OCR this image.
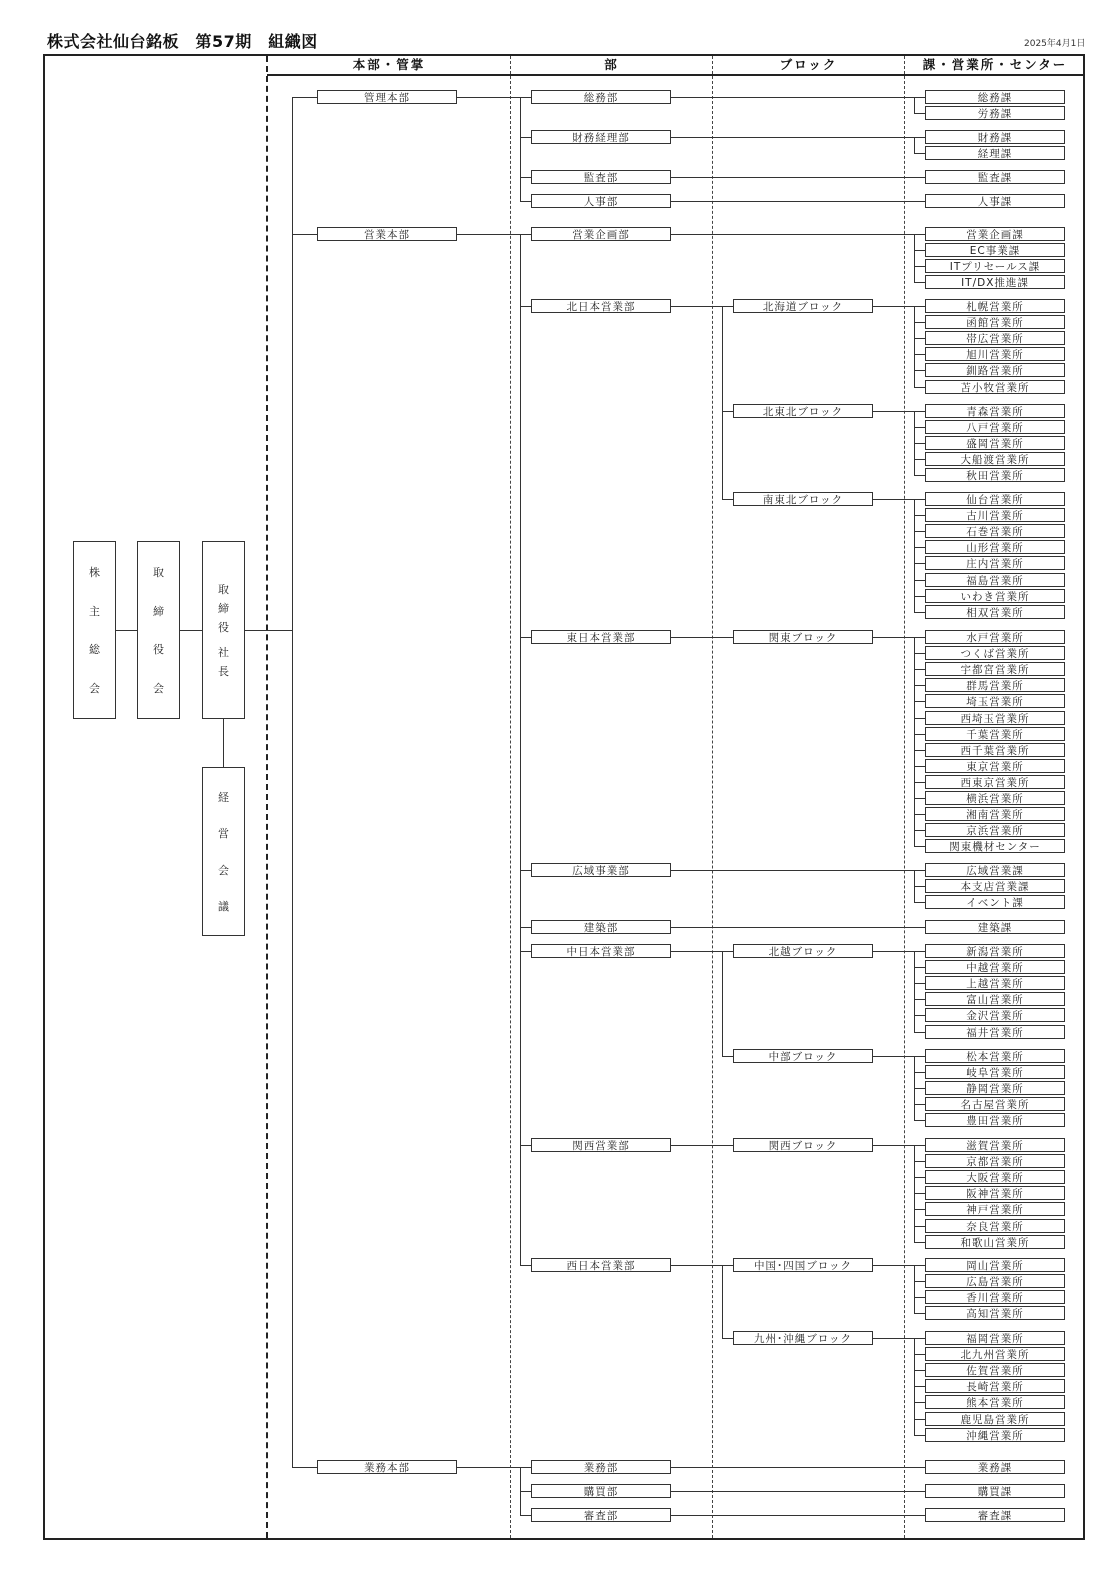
株式会社仙台銘板　第57期　組織図	2025年4月1日
本部・管掌	部	ブロック	課・営業所・センター
株
主
総
会
取
締
役
会
取
締
役
社
長
経
営
会
議
管理本部
営業本部
業務本部
総務部
財務経理部
監査部
人事部
営業企画部
北日本営業部
東日本営業部
広域事業部
建築部
中日本営業部
関西営業部
西日本営業部
業務部
購買部
審査部
北海道ブロック
北東北ブロック
南東北ブロック
関東ブロック
北越ブロック
中部ブロック
関西ブロック
中国･四国ブロック
九州･沖縄ブロック
総務課
労務課
財務課
経理課
監査課
人事課
営業企画課
EC事業課
ITプリセールス課
IT/DX推進課
札幌営業所
函館営業所
帯広営業所
旭川営業所
釧路営業所
苫小牧営業所
青森営業所
八戸営業所
盛岡営業所
大船渡営業所
秋田営業所
仙台営業所
古川営業所
石巻営業所
山形営業所
庄内営業所
福島営業所
いわき営業所
相双営業所
水戸営業所
つくば営業所
宇都宮営業所
群馬営業所
埼玉営業所
西埼玉営業所
千葉営業所
西千葉営業所
東京営業所
西東京営業所
横浜営業所
湘南営業所
京浜営業所
関東機材センター
広域営業課
本支店営業課
イベント課
建築課
新潟営業所
中越営業所
上越営業所
富山営業所
金沢営業所
福井営業所
松本営業所
岐阜営業所
静岡営業所
名古屋営業所
豊田営業所
滋賀営業所
京都営業所
大阪営業所
阪神営業所
神戸営業所
奈良営業所
和歌山営業所
岡山営業所
広島営業所
香川営業所
高知営業所
福岡営業所
北九州営業所
佐賀営業所
長崎営業所
熊本営業所
鹿児島営業所
沖縄営業所
業務課
購買課
審査課
